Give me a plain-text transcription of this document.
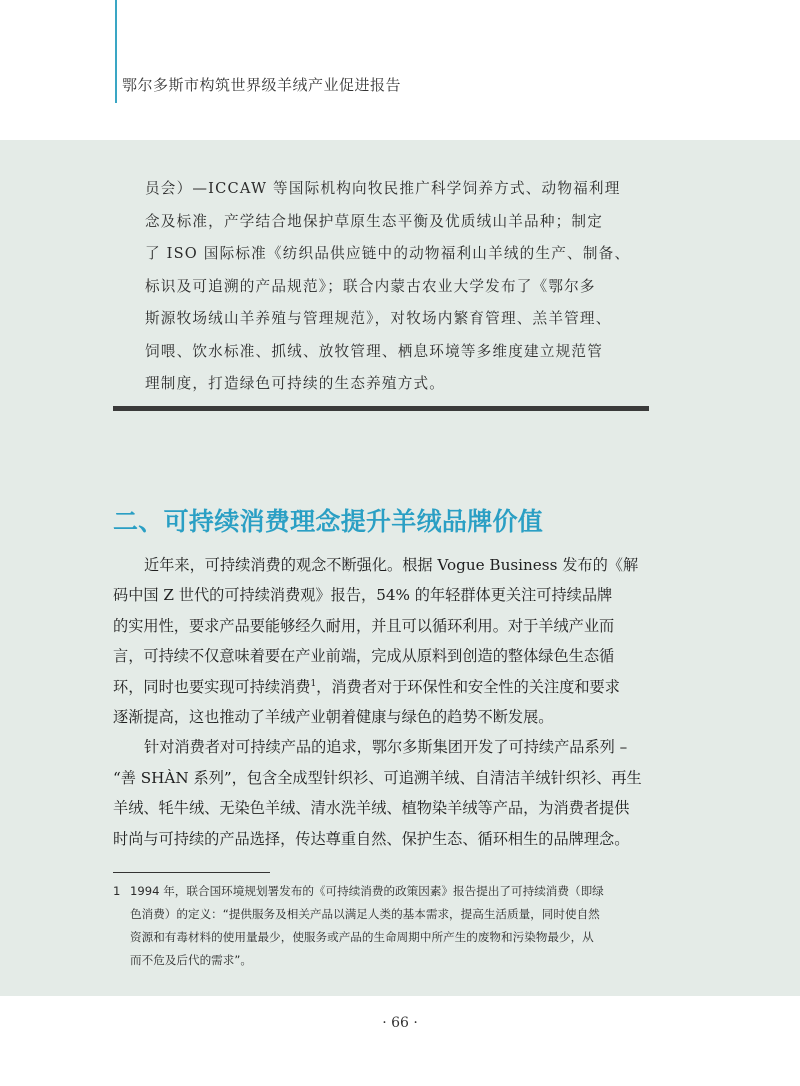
鄂尔多斯市构筑世界级羊绒产业促进报告
员会）—ICCAW 等国际机构向牧民推广科学饲养方式、动物福利理
念及标准，产学结合地保护草原生态平衡及优质绒山羊品种；制定
了 ISO 国际标准《纺织品供应链中的动物福利山羊绒的生产、制备、
标识及可追溯的产品规范》；联合内蒙古农业大学发布了《鄂尔多
斯源牧场绒山羊养殖与管理规范》，对牧场内繁育管理、羔羊管理、
饲喂、饮水标准、抓绒、放牧管理、栖息环境等多维度建立规范管
理制度，打造绿色可持续的生态养殖方式。
二、可持续消费理念提升羊绒品牌价值
近年来，可持续消费的观念不断强化。根据 Vogue Business 发布的《解
码中国 Z 世代的可持续消费观》报告，54% 的年轻群体更关注可持续品牌
的实用性，要求产品要能够经久耐用，并且可以循环利用。对于羊绒产业而
言，可持续不仅意味着要在产业前端，完成从原料到创造的整体绿色生态循
环，同时也要实现可持续消费$^1$，消费者对于环保性和安全性的关注度和要求
逐渐提高，这也推动了羊绒产业朝着健康与绿色的趋势不断发展。
针对消费者对可持续产品的追求，鄂尔多斯集团开发了可持续产品系列 –
“善 SHÀN 系列”，包含全成型针织衫、可追溯羊绒、自清洁羊绒针织衫、再生
羊绒、牦牛绒、无染色羊绒、清水洗羊绒、植物染羊绒等产品，为消费者提供
时尚与可持续的产品选择，传达尊重自然、保护生态、循环相生的品牌理念。
1 1994 年，联合国环境规划署发布的《可持续消费的政策因素》报告提出了可持续消费（即绿
色消费）的定义：“提供服务及相关产品以满足人类的基本需求，提高生活质量，同时使自然
资源和有毒材料的使用量最少，使服务或产品的生命周期中所产生的废物和污染物最少，从
而不危及后代的需求”。
· 66 ·
